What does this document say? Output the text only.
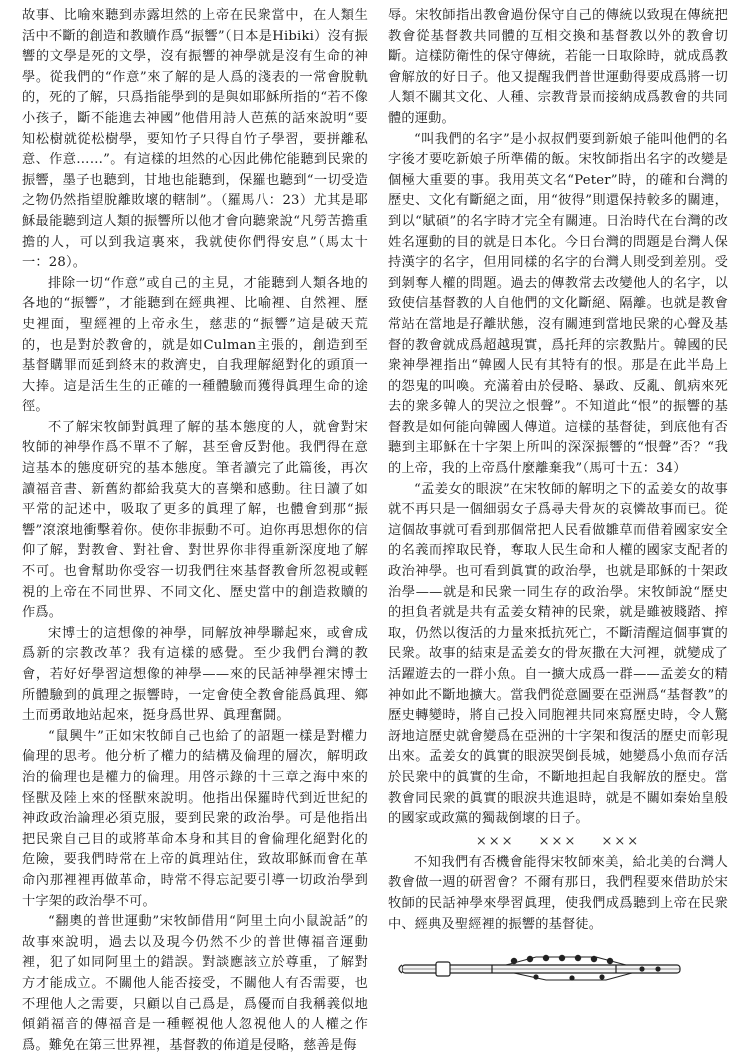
故事、比喻來聽到赤露坦然的上帝在民衆當中，在人類生活中不斷的創造和教贖作爲“振響”（日本是Hibiki）沒有振響的文學是死的文學，沒有振響的神學就是沒有生命的神學。從我們的“作意”來了解的是人爲的淺表的一常會脫軌的，死的了解，只爲指能學到的是與如耶穌所指的“若不像小孩子，斷不能進去神國”他借用詩人芭蕉的話來說明“要知松樹就從松樹學，要知竹子只得自竹子學習，要拼離私意、作意……”。有這樣的坦然的心因此佛佗能聽到民衆的振響，墨子也聽到，甘地也能聽到，保羅也聽到“一切受造之物仍然指望脫離敗壞的轄制”。（羅馬八：23）尤其是耶穌最能聽到這人類的振響所以他才會向聽衆說“凡勞苦擔重擔的人，可以到我這裏來，我就使你們得安息”（馬太十一：28）。

排除一切“作意”或自己的主見，才能聽到人類各地的各地的“振響”，才能聽到在經典裡、比喻裡、自然裡、歷史裡面，聖經裡的上帝永生，慈悲的“振響”這是破天荒的，也是對於教會的，就是如Culman主張的，創造到至基督購罪而延到終末的救濟史，自我理解絕對化的頭頂一大捧。這是活生生的正確的一種體驗而獲得眞理生命的途徑。

不了解宋牧師對眞理了解的基本態度的人，就會對宋牧師的神學作爲不單不了解，甚至會反對他。我們得在意這基本的態度研究的基本態度。筆者讀完了此篇後，再次讀福音書、新舊約都給我莫大的喜樂和感動。往日讀了如平常的記述中，吸取了更多的眞理了解，也體會到那“振響”滾滾地衝擊着你。使你非振動不可。迫你再思想你的信仰了解，對教會、對社會、對世界你非得重新深度地了解不可。也會幫助你受容一切我們往來基督教會所忽視或輕視的上帝在不同世界、不同文化、歷史當中的創造救贖的作爲。

宋博士的這想像的神學，同解放神學聯起來，或會成爲新的宗教改革？我有這樣的感覺。至少我們台灣的教會，若好好學習這想像的神學——來的民話神學裡宋博士所體驗到的眞理之振響時，一定會使全教會能爲眞理、鄉土而勇敢地站起來，挺身爲世界、眞理奮鬪。

“鼠興牛”正如宋牧師自己也給了的詔題一樣是對權力倫理的思考。他分析了權力的結構及倫理的層次，解明政治的倫理也是權力的倫理。用啓示錄的十三章之海中來的怪獸及陸上來的怪獸來說明。他指出保羅時代到近世紀的神政政治論理必須克服，要到民衆的政治學。可是他指出把民衆自己目的或將革命本身和其目的會倫理化絕對化的危險，要我們時常在上帝的眞理站住，致故耶穌而會在革命內那裡裡再做革命，時常不得忘記要引導一切政治學到十字架的政治學不可。

“翻奧的普世運動”宋牧師借用“阿里土向小鼠說話”的故事來說明，過去以及現今仍然不少的普世傳福音運動裡，犯了如同阿里土的錯誤。對談應該立於尊重，了解對方才能成立。不關他人能否接受，不關他人有否需要，也不理他人之需要，只顧以自己爲是，爲優而自我稱義似地傾銷福音的傳福音是一種輕視他人忽視他人的人權之作爲。難免在第三世界裡，基督教的佈道是侵略，慈善是侮

辱。宋牧師指出教會過份保守自己的傳統以致現在傳統把教會從基督教共同體的互相交換和基督教以外的教會切斷。這樣防衛性的保守傳統，若能一日取除時，就成爲教會解放的好日子。他又提醒我們普世運動得要成爲將一切人類不關其文化、人種、宗教背景而接納成爲教會的共同體的運動。

“叫我們的名字”是小叔叔們要到新娘子能叫他們的名字後才要吃新娘子所準備的飯。宋牧師指出名字的改變是個極大重要的事。我用英文名“Peter”時，的確和台灣的歷史、文化有斷絕之面，用“彼得”則還保持較多的關連，到以“賦碩”的名字時才完全有關連。日治時代在台灣的改姓名運動的目的就是日本化。今日台灣的問題是台灣人保持漢字的名字，但用同樣的名字的台灣人則受到差別。受到剝奪人權的問題。過去的傳教常去改變他人的名字，以致使信基督教的人自他們的文化斷絕、隔離。也就是教會常站在當地是孖離狀態，沒有關連到當地民衆的心聲及基督的教會就成爲超越現實，爲托拜的宗教點片。韓國的民衆神學裡指出“韓國人民有其特有的恨。那是在此半島上的怨鬼的叫喚。充滿着由於侵略、暴政、反亂、飢病來死去的衆多韓人的哭泣之恨聲”。不知道此“恨”的振響的基督教是如何能向韓國人傳道。這樣的基督徒，到底他有否聽到主耶穌在十字架上所叫的深深振響的“恨聲”否？“我的上帝，我的上帝爲什麼離棄我”（馬可十五：34）

“孟姜女的眼淚”在宋牧師的解明之下的孟姜女的故事就不再只是一個細弱女子爲尋夫骨灰的哀憐故事而已。從這個故事就可看到那個常把人民看做雛草而借着國家安全的名義而搾取民脊，奪取人民生命和人權的國家支配者的政治神學。也可看到眞實的政治學，也就是耶穌的十架政治學——就是和民衆一同生存的政治學。宋牧師說“歷史的担負者就是共有孟姜女精神的民衆，就是雖被賤踏、搾取，仍然以復活的力量來抵抗死亡，不斷清醒這個事實的民衆。故事的結束是孟姜女的骨灰撒在大河裡，就變成了活躍遊去的一群小魚。自一擴大成爲一群——孟姜女的精神如此不斷地擴大。當我們從意圖要在亞洲爲“基督教”的歷史轉變時，將自己投入同胞裡共同來寫歷史時，令人驚訝地這歷史就會變爲在亞洲的十字架和復活的歷史而彰現出來。孟姜女的眞實的眼淚哭倒長城，她變爲小魚而存活於民衆中的眞實的生命，不斷地担起自我解放的歷史。當教會同民衆的眞實的眼淚共進退時，就是不關如秦始皇般的國家或政黨的獨裁倒壞的日子。

××× ××× ×××

不知我們有否機會能得宋牧師來美，給北美的台灣人教會做一週的研習會？不爾有那日，我們程要來借助於宋牧師的民話神學來學習眞理，使我們成爲聽到上帝在民衆中、經典及聖經裡的振響的基督徒。
